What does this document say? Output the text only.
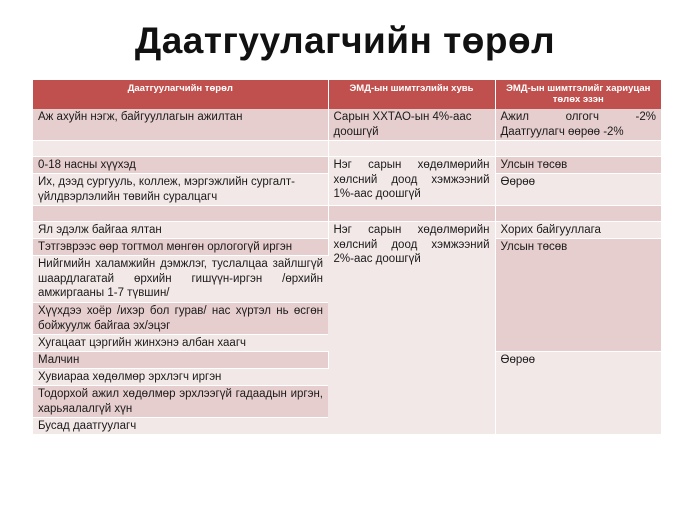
Даатгуулагчийн төрөл
Даатгуулагчийн төрөл	ЭМД-ын шимтгэлийн хувь	ЭМД-ын шимтгэлийг хариуцан төлөх эзэн
Аж ахуйн нэгж, байгууллагын ажилтан	Сарын ХХТАО-ын 4%-аас доошгүй	Ажил олгогч -2% Даатгуулагч өөрөө -2%

0-18 насны хүүхэд	Нэг сарын хөдөлмөрийн хөлсний доод хэмжээний 1%-аас доошгүй	Улсын төсөв
Их, дээд сургууль, коллеж, мэргэжлийн сургалт-үйлдвэрлэлийн төвийн суралцагч		Өөрөө

Ял эдэлж байгаа ялтан	Нэг сарын хөдөлмөрийн хөлсний доод хэмжээний 2%-аас доошгүй	Хорих байгууллага
Тэтгэврээс өөр тогтмол мөнгөн орлогогүй иргэн		Улсын төсөв
Нийгмийн халамжийн дэмжлэг, туслалцаа зайлшгүй шаардлагатай өрхийн гишүүн-иргэн /өрхийн амжиргааны 1-7 түвшин/		
Хүүхдээ хоёр /ихэр бол гурав/ нас хүртэл нь өсгөн бойжуулж байгаа эх/эцэг		
Хугацаат цэргийн жинхэнэ албан хаагч		
Малчин		Өөрөө
Хувиараа хөдөлмөр эрхлэгч иргэн		
Тодорхой ажил хөдөлмөр эрхлээгүй гадаадын иргэн, харьяалалгүй хүн		
Бусад даатгуулагч		
